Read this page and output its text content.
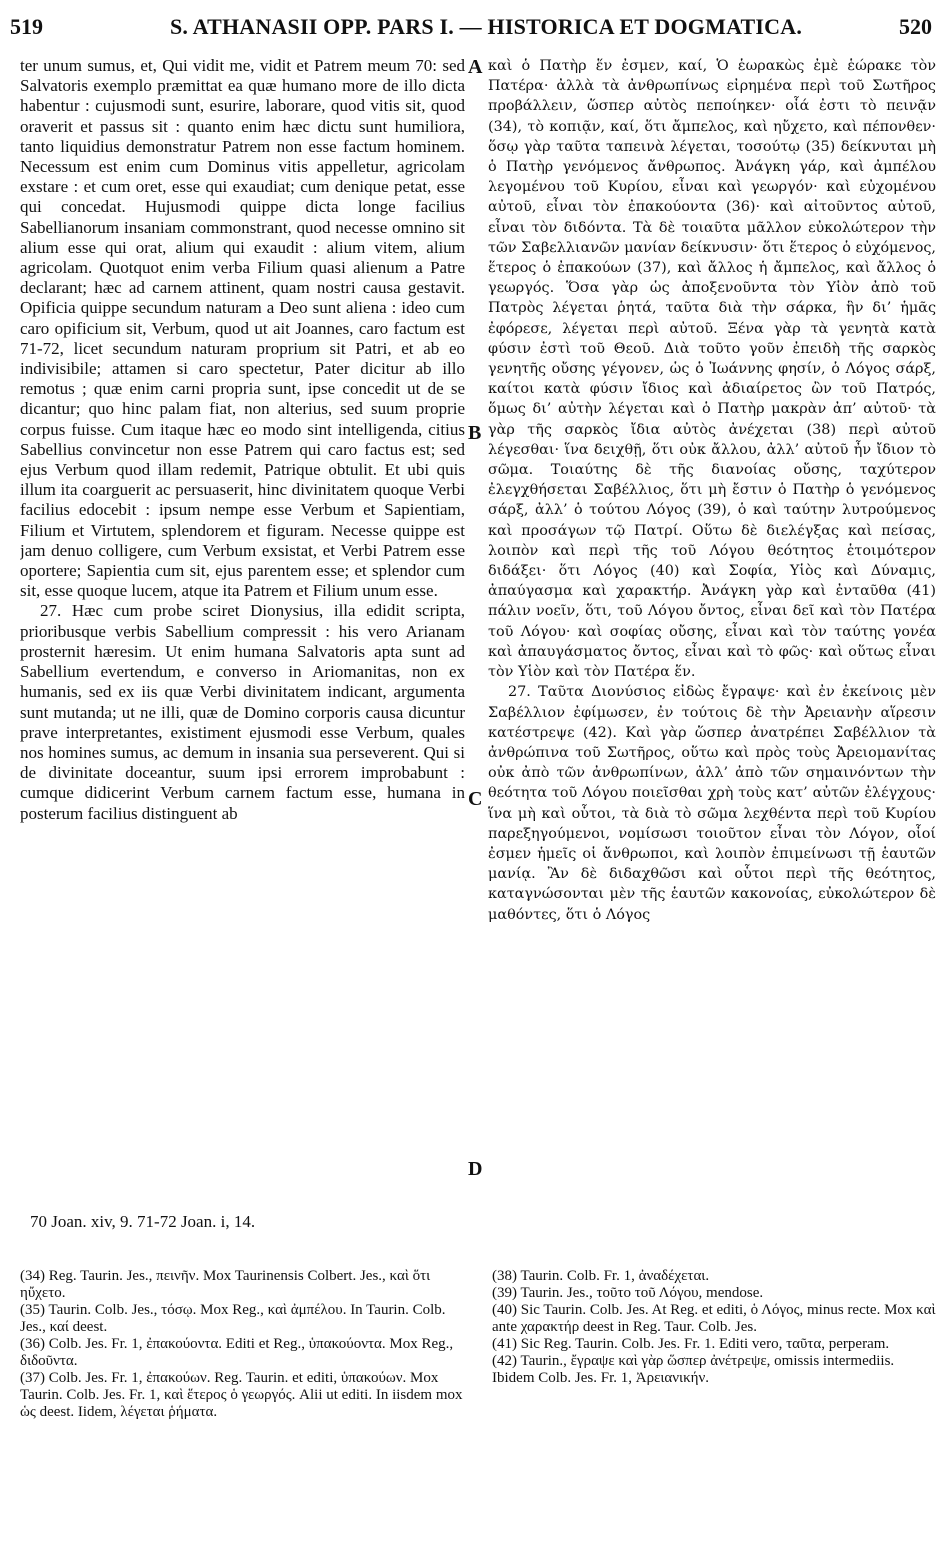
519	S. ATHANASII OPP. PARS I. — HISTORICA ET DOGMATICA.	520

ter unum sumus, et, Qui vidit me, vidit et Patrem meum 70: sed Salvatoris exemplo præmittat ea quæ humano more de illo dicta habentur : cujusmodi sunt, esurire, laborare, quod vitis sit, quod oraverit et passus sit : quanto enim hæc dictu sunt humiliora, tanto liquidius demonstratur Patrem non esse factum hominem. Necessum est enim cum Dominus vitis appelletur, agricolam exstare : et cum oret, esse qui exaudiat; cum denique petat, esse qui concedat. Hujusmodi quippe dicta longe facilius Sabellianorum insaniam commonstrant, quod necesse omnino sit alium esse qui orat, alium qui exaudit : alium vitem, alium agricolam. Quotquot enim verba Filium quasi alienum a Patre declarant; hæc ad carnem attinent, quam nostri causa gestavit. Opificia quippe secundum naturam a Deo sunt aliena : ideo cum caro opificium sit, Verbum, quod ut ait Joannes, caro factum est 71-72, licet secundum naturam proprium sit Patri, et ab eo indivisibile; attamen si caro spectetur, Pater dicitur ab illo remotus ; quæ enim carni propria sunt, ipse concedit ut de se dicantur; quo hinc palam fiat, non alterius, sed suum proprie corpus fuisse. Cum itaque hæc eo modo sint intelligenda, citius Sabellius convincetur non esse Patrem qui caro factus est; sed ejus Verbum quod illam redemit, Patrique obtulit. Et ubi quis illum ita coarguerit ac persuaserit, hinc divinitatem quoque Verbi facilius edocebit : ipsum nempe esse Verbum et Sapientiam, Filium et Virtutem, splendorem et figuram. Necesse quippe est jam denuo colligere, cum Verbum exsistat, et Verbi Patrem esse oportere; Sapientia cum sit, ejus parentem esse; et splendor cum sit, esse quoque lucem, atque ita Patrem et Filium unum esse.

27. Hæc cum probe sciret Dionysius, illa edidit scripta, prioribusque verbis Sabellium compressit : his vero Arianam prosternit hæresim. Ut enim humana Salvatoris apta sunt ad Sabellium evertendum, e converso in Ariomanitas, non ex humanis, sed ex iis quæ Verbi divinitatem indicant, argumenta sunt mutanda; ut ne illi, quæ de Domino corporis causa dicuntur prave interpretantes, existiment ejusmodi esse Verbum, quales nos homines sumus, ac demum in insania sua perseverent. Qui si de divinitate doceantur, suum ipsi errorem improbabunt : cumque didicerint Verbum carnem factum esse, humana in posterum facilius distinguent ab

A
B
C
D

καὶ ὁ Πατὴρ ἕν ἐσμεν, καί, Ὁ ἑωρακὼς ἐμὲ ἑώρακε τὸν Πατέρα· ἀλλὰ τὰ ἀνθρωπίνως εἰρημένα περὶ τοῦ Σωτῆρος προβάλλειν, ὥσπερ αὐτὸς πεποίηκεν· οἷά ἐστι τὸ πεινᾷν (34), τὸ κοπιᾷν, καί, ὅτι ἄμπελος, καὶ ηὔχετο, καὶ πέπονθεν· ὅσῳ γὰρ ταῦτα ταπεινὰ λέγεται, τοσούτῳ (35) δείκνυται μὴ ὁ Πατὴρ γενόμενος ἄνθρωπος. Ἀνάγκη γάρ, καὶ ἀμπέλου λεγομένου τοῦ Κυρίου, εἶναι καὶ γεωργόν· καὶ εὐχομένου αὐτοῦ, εἶναι τὸν ἐπακούοντα (36)· καὶ αἰτοῦντος αὐτοῦ, εἶναι τὸν διδόντα. Τὰ δὲ τοιαῦτα μᾶλλον εὐκολώτερον τὴν τῶν Σαβελλιανῶν μανίαν δείκνυσιν· ὅτι ἕτερος ὁ εὐχόμενος, ἕτερος ὁ ἐπακούων (37), καὶ ἄλλος ἡ ἄμπελος, καὶ ἄλλος ὁ γεωργός. Ὅσα γὰρ ὡς ἀποξενοῦντα τὸν Υἱὸν ἀπὸ τοῦ Πατρὸς λέγεται ῥητά, ταῦτα διὰ τὴν σάρκα, ἣν δι’ ἡμᾶς ἐφόρεσε, λέγεται περὶ αὐτοῦ. Ξένα γὰρ τὰ γενητὰ κατὰ φύσιν ἐστὶ τοῦ Θεοῦ. Διὰ τοῦτο γοῦν ἐπειδὴ τῆς σαρκὸς γενητῆς οὔσης γέγονεν, ὡς ὁ Ἰωάννης φησίν, ὁ Λόγος σάρξ, καίτοι κατὰ φύσιν ἴδιος καὶ ἀδιαίρετος ὢν τοῦ Πατρός, ὅμως δι’ αὐτὴν λέγεται καὶ ὁ Πατὴρ μακρὰν ἀπ’ αὐτοῦ· τὰ γὰρ τῆς σαρκὸς ἴδια αὐτὸς ἀνέχεται (38) περὶ αὐτοῦ λέγεσθαι· ἵνα δειχθῇ, ὅτι οὐκ ἄλλου, ἀλλ’ αὐτοῦ ἦν ἴδιον τὸ σῶμα. Τοιαύτης δὲ τῆς διανοίας οὔσης, ταχύτερον ἐλεγχθήσεται Σαβέλλιος, ὅτι μὴ ἔστιν ὁ Πατὴρ ὁ γενόμενος σάρξ, ἀλλ’ ὁ τούτου Λόγος (39), ὁ καὶ ταύτην λυτρούμενος καὶ προσάγων τῷ Πατρί. Οὕτω δὲ διελέγξας καὶ πείσας, λοιπὸν καὶ περὶ τῆς τοῦ Λόγου θεότητος ἑτοιμότερον διδάξει· ὅτι Λόγος (40) καὶ Σοφία, Υἱὸς καὶ Δύναμις, ἀπαύγασμα καὶ χαρακτήρ. Ἀνάγκη γὰρ καὶ ἐνταῦθα (41) πάλιν νοεῖν, ὅτι, τοῦ Λόγου ὄντος, εἶναι δεῖ καὶ τὸν Πατέρα τοῦ Λόγου· καὶ σοφίας οὔσης, εἶναι καὶ τὸν ταύτης γονέα καὶ ἀπαυγάσματος ὄντος, εἶναι καὶ τὸ φῶς· καὶ οὕτως εἶναι τὸν Υἱὸν καὶ τὸν Πατέρα ἕν.

27. Ταῦτα Διονύσιος εἰδὼς ἔγραψε· καὶ ἐν ἐκείνοις μὲν Σαβέλλιον ἐφίμωσεν, ἐν τούτοις δὲ τὴν Ἀρειανὴν αἵρεσιν κατέστρεψε (42). Καὶ γὰρ ὥσπερ ἀνατρέπει Σαβέλλιον τὰ ἀνθρώπινα τοῦ Σωτῆρος, οὕτω καὶ πρὸς τοὺς Ἀρειομανίτας οὐκ ἀπὸ τῶν ἀνθρωπίνων, ἀλλ’ ἀπὸ τῶν σημαινόντων τὴν θεότητα τοῦ Λόγου ποιεῖσθαι χρὴ τοὺς κατ’ αὐτῶν ἐλέγχους· ἵνα μὴ καὶ οὗτοι, τὰ διὰ τὸ σῶμα λεχθέντα περὶ τοῦ Κυρίου παρεξηγούμενοι, νομίσωσι τοιοῦτον εἶναι τὸν Λόγον, οἷοί ἐσμεν ἡμεῖς οἱ ἄνθρωποι, καὶ λοιπὸν ἐπιμείνωσι τῇ ἑαυτῶν μανίᾳ. Ἂν δὲ διδαχθῶσι καὶ οὗτοι περὶ τῆς θεότητος, καταγνώσονται μὲν τῆς ἑαυτῶν κακονοίας, εὐκολώτερον δὲ μαθόντες, ὅτι ὁ Λόγος

70 Joan. xiv, 9. 71-72 Joan. i, 14.

(34) Reg. Taurin. Jes., πεινῆν. Mox Taurinensis Colbert. Jes., καὶ ὅτι ηὔχετο.

(35) Taurin. Colb. Jes., τόσῳ. Mox Reg., καὶ ἀμπέλου. In Taurin. Colb. Jes., καί deest.

(36) Colb. Jes. Fr. 1, ἐπακούοντα. Editi et Reg., ὑπακούοντα. Mox Reg., διδοῦντα.

(37) Colb. Jes. Fr. 1, ἐπακούων. Reg. Taurin. et editi, ὑπακούων. Mox Taurin. Colb. Jes. Fr. 1, καὶ ἕτερος ὁ γεωργός. Alii ut editi. In iisdem mox ὡς deest. Iidem, λέγεται ῥήματα.

(38) Taurin. Colb. Fr. 1, ἀναδέχεται.

(39) Taurin. Jes., τοῦτο τοῦ Λόγου, mendose.

(40) Sic Taurin. Colb. Jes. At Reg. et editi, ὁ Λόγος, minus recte. Mox καὶ ante χαρακτήρ deest in Reg. Taur. Colb. Jes.

(41) Sic Reg. Taurin. Colb. Jes. Fr. 1. Editi vero, ταῦτα, perperam.

(42) Taurin., ἔγραψε καὶ γὰρ ὥσπερ ἀνέτρεψε, omissis intermediis. Ibidem Colb. Jes. Fr. 1, Ἀρειανικήν.
